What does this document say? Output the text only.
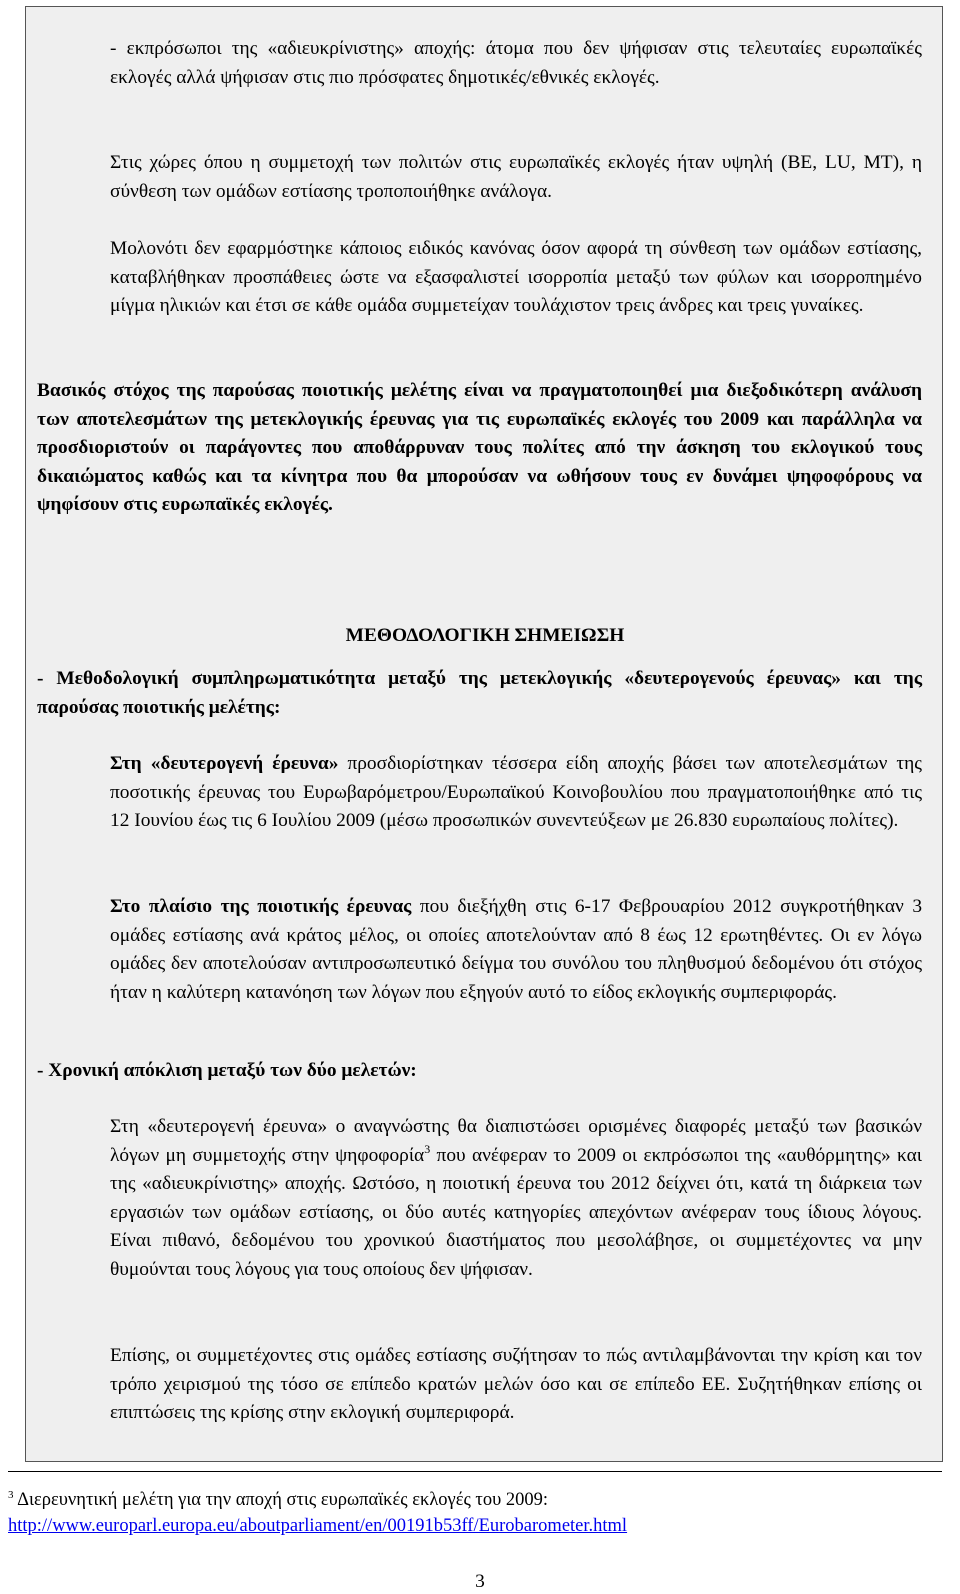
- εκπρόσωποι της «αδιευκρίνιστης» αποχής: άτομα που δεν ψήφισαν στις τελευταίες ευρωπαϊκές εκλογές αλλά ψήφισαν στις πιο πρόσφατες δημοτικές/εθνικές εκλογές.

Στις χώρες όπου η συμμετοχή των πολιτών στις ευρωπαϊκές εκλογές ήταν υψηλή (BE, LU, MT), η σύνθεση των ομάδων εστίασης τροποποιήθηκε ανάλογα.

Μολονότι δεν εφαρμόστηκε κάποιος ειδικός κανόνας όσον αφορά τη σύνθεση των ομάδων εστίασης, καταβλήθηκαν προσπάθειες ώστε να εξασφαλιστεί ισορροπία μεταξύ των φύλων και ισορροπημένο μίγμα ηλικιών και έτσι σε κάθε ομάδα συμμετείχαν τουλάχιστον τρεις άνδρες και τρεις γυναίκες.

Βασικός στόχος της παρούσας ποιοτικής μελέτης είναι να πραγματοποιηθεί μια διεξοδικότερη ανάλυση των αποτελεσμάτων της μετεκλογικής έρευνας για τις ευρωπαϊκές εκλογές του 2009 και παράλληλα να προσδιοριστούν οι παράγοντες που αποθάρρυναν τους πολίτες από την άσκηση του εκλογικού τους δικαιώματος καθώς και τα κίνητρα που θα μπορούσαν να ωθήσουν τους εν δυνάμει ψηφοφόρους να ψηφίσουν στις ευρωπαϊκές εκλογές.

ΜΕΘΟΔΟΛΟΓΙΚΗ ΣΗΜΕΙΩΣΗ

- Μεθοδολογική συμπληρωματικότητα μεταξύ της μετεκλογικής «δευτερογενούς έρευνας» και της παρούσας ποιοτικής μελέτης:

Στη «δευτερογενή έρευνα» προσδιορίστηκαν τέσσερα είδη αποχής βάσει των αποτελεσμάτων της ποσοτικής έρευνας του Ευρωβαρόμετρου/Ευρωπαϊκού Κοινοβουλίου που πραγματοποιήθηκε από τις 12 Ιουνίου έως τις 6 Ιουλίου 2009 (μέσω προσωπικών συνεντεύξεων με 26.830 ευρωπαίους πολίτες).

Στο πλαίσιο της ποιοτικής έρευνας που διεξήχθη στις 6-17 Φεβρουαρίου 2012 συγκροτήθηκαν 3 ομάδες εστίασης ανά κράτος μέλος, οι οποίες αποτελούνταν από 8 έως 12 ερωτηθέντες. Οι εν λόγω ομάδες δεν αποτελούσαν αντιπροσωπευτικό δείγμα του συνόλου του πληθυσμού δεδομένου ότι στόχος ήταν η καλύτερη κατανόηση των λόγων που εξηγούν αυτό το είδος εκλογικής συμπεριφοράς.

- Χρονική απόκλιση μεταξύ των δύο μελετών:

Στη «δευτερογενή έρευνα» ο αναγνώστης θα διαπιστώσει ορισμένες διαφορές μεταξύ των βασικών λόγων μη συμμετοχής στην ψηφοφορία$^3$ που ανέφεραν το 2009 οι εκπρόσωποι της «αυθόρμητης» και της «αδιευκρίνιστης» αποχής. Ωστόσο, η ποιοτική έρευνα του 2012 δείχνει ότι, κατά τη διάρκεια των εργασιών των ομάδων εστίασης, οι δύο αυτές κατηγορίες απεχόντων ανέφεραν τους ίδιους λόγους. Είναι πιθανό, δεδομένου του χρονικού διαστήματος που μεσολάβησε, οι συμμετέχοντες να μην θυμούνται τους λόγους για τους οποίους δεν ψήφισαν.

Επίσης, οι συμμετέχοντες στις ομάδες εστίασης συζήτησαν το πώς αντιλαμβάνονται την κρίση και τον τρόπο χειρισμού της τόσο σε επίπεδο κρατών μελών όσο και σε επίπεδο ΕΕ. Συζητήθηκαν επίσης οι επιπτώσεις της κρίσης στην εκλογική συμπεριφορά.

$^3$ Διερευνητική μελέτη για την αποχή στις ευρωπαϊκές εκλογές του 2009:
http://www.europarl.europa.eu/aboutparliament/en/00191b53ff/Eurobarometer.html

3
